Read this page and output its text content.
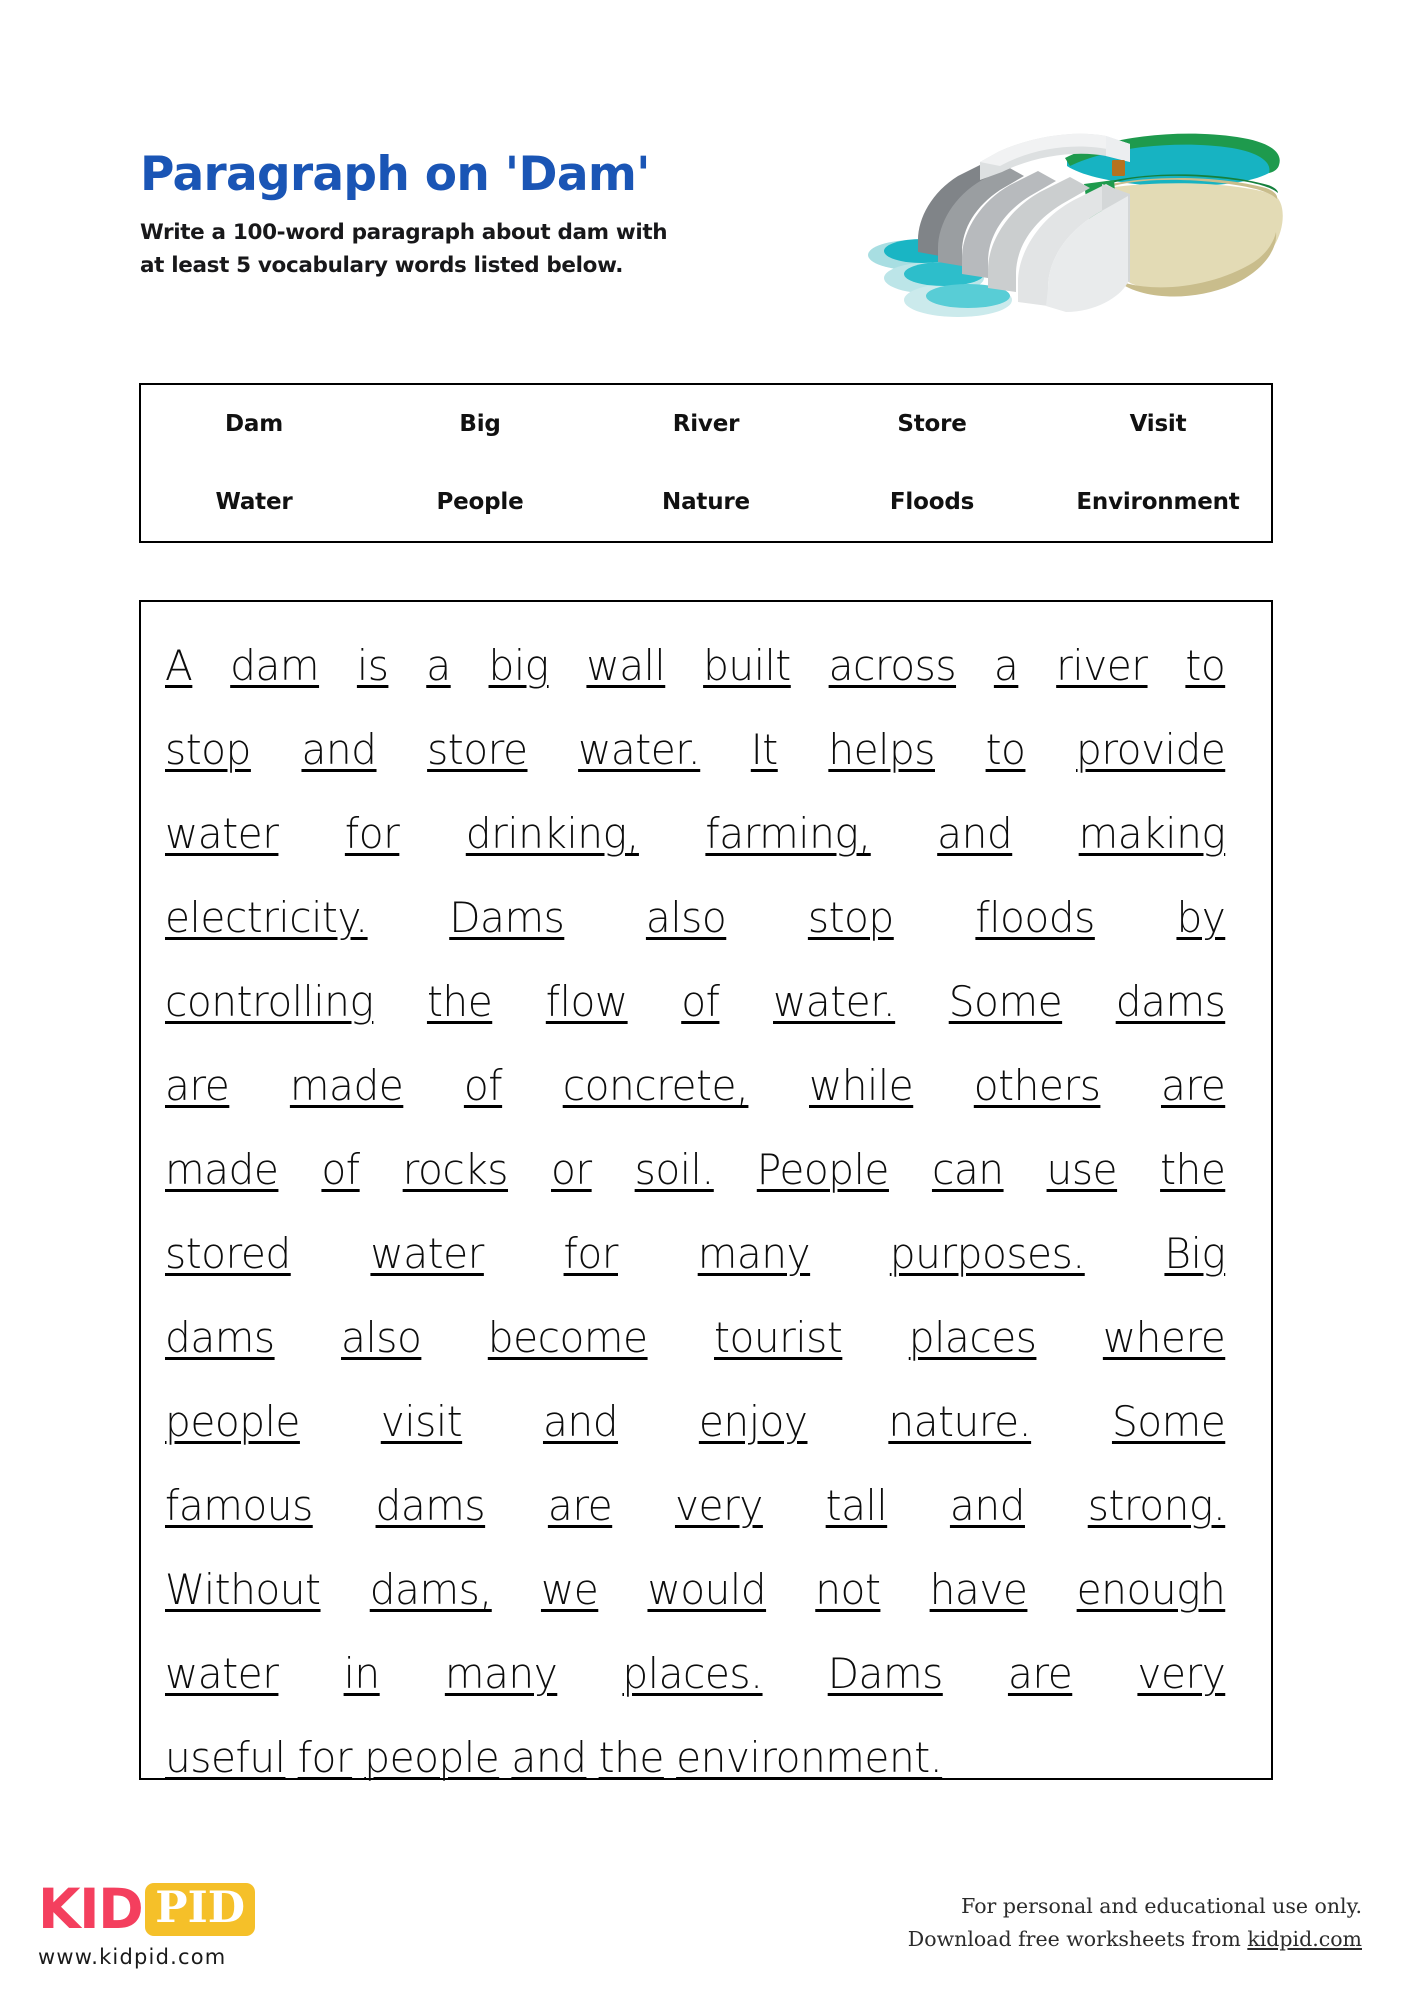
Paragraph on 'Dam'
Write a 100-word paragraph about dam with
at least 5 vocabulary words listed below.
Dam	Big	River	Store	Visit
Water	People	Nature	Floods	Environment
A dam is a big wall built across a river to
stop and store water. It helps to provide
water for drinking, farming, and making
electricity. Dams also stop floods by
controlling the flow of water. Some dams
are made of concrete, while others are
made of rocks or soil. People can use the
stored water for many purposes. Big
dams also become tourist places where
people visit and enjoy nature. Some
famous dams are very tall and strong.
Without dams, we would not have enough
water in many places. Dams are very
useful for people and the environment.
KID PID
www.kidpid.com
For personal and educational use only.
Download free worksheets from kidpid.com
